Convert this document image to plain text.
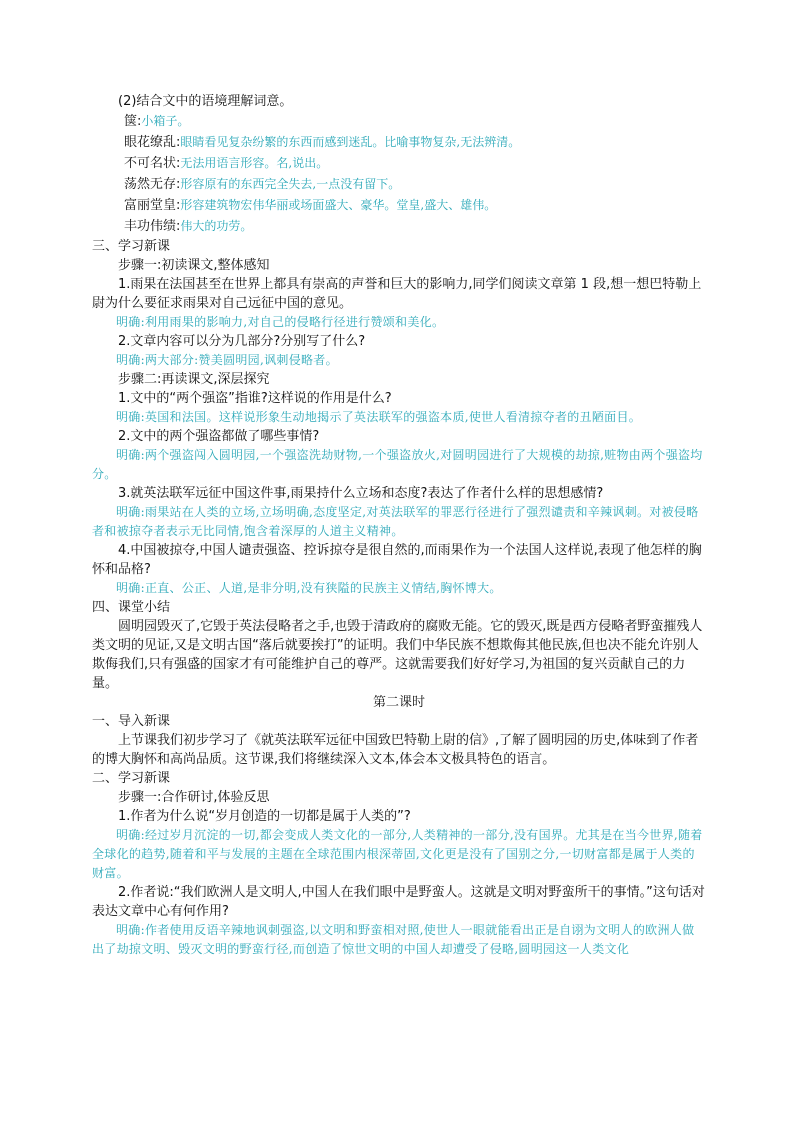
(2)结合文中的语境理解词意。

箧:小箱子。
眼花缭乱:眼睛看见复杂纷繁的东西而感到迷乱。比喻事物复杂,无法辨清。
不可名状:无法用语言形容。名,说出。
荡然无存:形容原有的东西完全失去,一点没有留下。
富丽堂皇:形容建筑物宏伟华丽或场面盛大、豪华。堂皇,盛大、雄伟。
丰功伟绩:伟大的功劳。

三、学习新课

步骤一:初读课文,整体感知

1.雨果在法国甚至在世界上都具有崇高的声誉和巨大的影响力,同学们阅读文章第 1 段,想一想巴特勒上尉为什么要征求雨果对自己远征中国的意见。

明确:利用雨果的影响力,对自己的侵略行径进行赞颂和美化。

2.文章内容可以分为几部分?分别写了什么?

明确:两大部分:赞美圆明园,讽刺侵略者。

步骤二:再读课文,深层探究

1.文中的“两个强盗”指谁?这样说的作用是什么?

明确:英国和法国。这样说形象生动地揭示了英法联军的强盗本质,使世人看清掠夺者的丑陋面目。

2.文中的两个强盗都做了哪些事情?

明确:两个强盗闯入圆明园,一个强盗洗劫财物,一个强盗放火,对圆明园进行了大规模的劫掠,赃物由两个强盗均分。

3.就英法联军远征中国这件事,雨果持什么立场和态度?表达了作者什么样的思想感情?

明确:雨果站在人类的立场,立场明确,态度坚定,对英法联军的罪恶行径进行了强烈谴责和辛辣讽刺。对被侵略者和被掠夺者表示无比同情,饱含着深厚的人道主义精神。

4.中国被掠夺,中国人谴责强盗、控诉掠夺是很自然的,而雨果作为一个法国人这样说,表现了他怎样的胸怀和品格?

明确:正直、公正、人道,是非分明,没有狭隘的民族主义情结,胸怀博大。

四、课堂小结

圆明园毁灭了,它毁于英法侵略者之手,也毁于清政府的腐败无能。它的毁灭,既是西方侵略者野蛮摧残人类文明的见证,又是文明古国“落后就要挨打”的证明。我们中华民族不想欺侮其他民族,但也决不能允许别人欺侮我们,只有强盛的国家才有可能维护自己的尊严。这就需要我们好好学习,为祖国的复兴贡献自己的力量。

第二课时

一、导入新课

上节课我们初步学习了《就英法联军远征中国致巴特勒上尉的信》,了解了圆明园的历史,体味到了作者的博大胸怀和高尚品质。这节课,我们将继续深入文本,体会本文极具特色的语言。

二、学习新课

步骤一:合作研讨,体验反思

1.作者为什么说“岁月创造的一切都是属于人类的”?

明确:经过岁月沉淀的一切,都会变成人类文化的一部分,人类精神的一部分,没有国界。尤其是在当今世界,随着全球化的趋势,随着和平与发展的主题在全球范围内根深蒂固,文化更是没有了国别之分,一切财富都是属于人类的财富。

2.作者说:“我们欧洲人是文明人,中国人在我们眼中是野蛮人。这就是文明对野蛮所干的事情。”这句话对表达文章中心有何作用?

明确:作者使用反语辛辣地讽刺强盗,以文明和野蛮相对照,使世人一眼就能看出正是自诩为文明人的欧洲人做出了劫掠文明、毁灭文明的野蛮行径,而创造了惊世文明的中国人却遭受了侵略,圆明园这一人类文化
